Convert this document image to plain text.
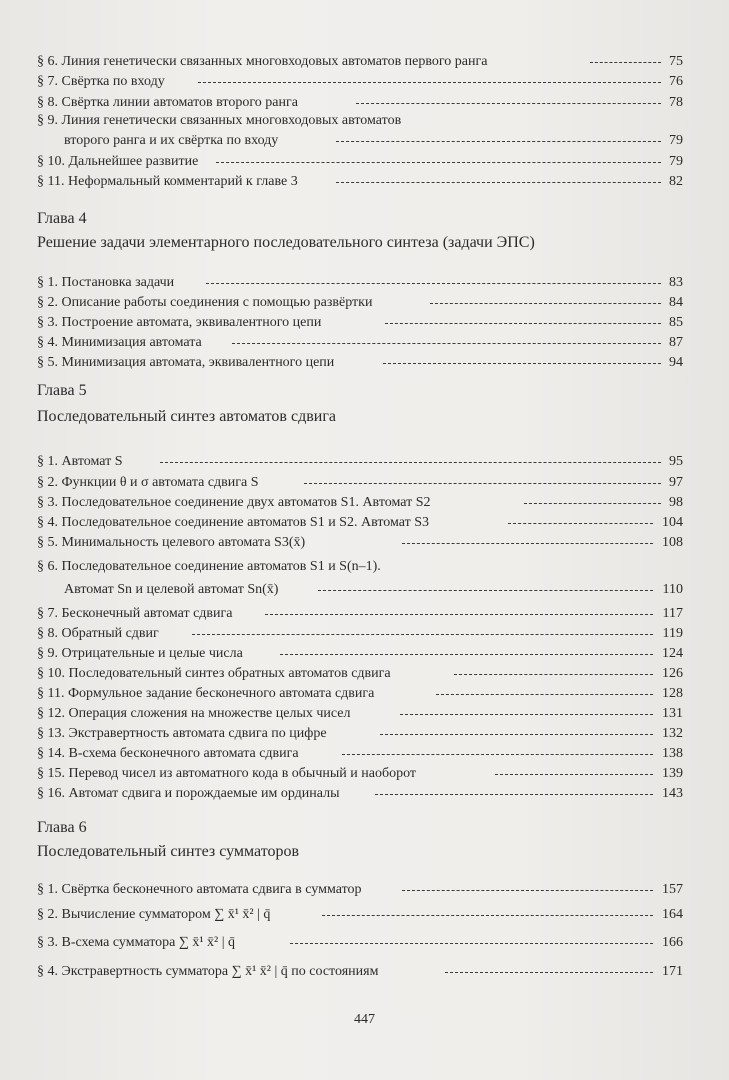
§ 6. Линия генетически связанных многовходовых автоматов первого ранга	75
§ 7. Свёртка по входу	76
§ 8. Свёртка линии автоматов второго ранга	78
§ 9. Линия генетически связанных многовходовых автоматов
второго ранга и их свёртка по входу	79
§ 10. Дальнейшее развитие	79
§ 11. Неформальный комментарий к главе 3	82
Глава 4
Решение задачи элементарного последовательного синтеза (задачи ЭПС)
§ 1. Постановка задачи	83
§ 2. Описание работы соединения с помощью развёртки	84
§ 3. Построение автомата, эквивалентного цепи	85
§ 4. Минимизация автомата	87
§ 5. Минимизация автомата, эквивалентного цепи	94
Глава 5
Последовательный синтез автоматов сдвига
§ 1. Автомат S	95
§ 2. Функции θ и σ автомата сдвига S	97
§ 3. Последовательное соединение двух автоматов S1. Автомат S2	98
§ 4. Последовательное соединение автоматов S1 и S2. Автомат S3	104
§ 5. Минимальность целевого автомата S3(x̄)	108
§ 6. Последовательное соединение автоматов S1 и S(n–1).
Автомат Sn и целевой автомат Sn(x̄)	110
§ 7. Бесконечный автомат сдвига	117
§ 8. Обратный сдвиг	119
§ 9. Отрицательные и целые числа	124
§ 10. Последовательный синтез обратных автоматов сдвига	126
§ 11. Формульное задание бесконечного автомата сдвига	128
§ 12. Операция сложения на множестве целых чисел	131
§ 13. Экстравертность автомата сдвига по цифре	132
§ 14. B-схема бесконечного автомата сдвига	138
§ 15. Перевод чисел из автоматного кода в обычный и наоборот	139
§ 16. Автомат сдвига и порождаемые им ординалы	143
Глава 6
Последовательный синтез сумматоров
§ 1. Свёртка бесконечного автомата сдвига в сумматор	157
§ 2. Вычисление сумматором ∑ x̄¹ x̄² | q̄	164
§ 3. B-схема сумматора ∑ x̄¹ x̄² | q̄	166
§ 4. Экстравертность сумматора ∑ x̄¹ x̄² | q̄ по состояниям	171
447
